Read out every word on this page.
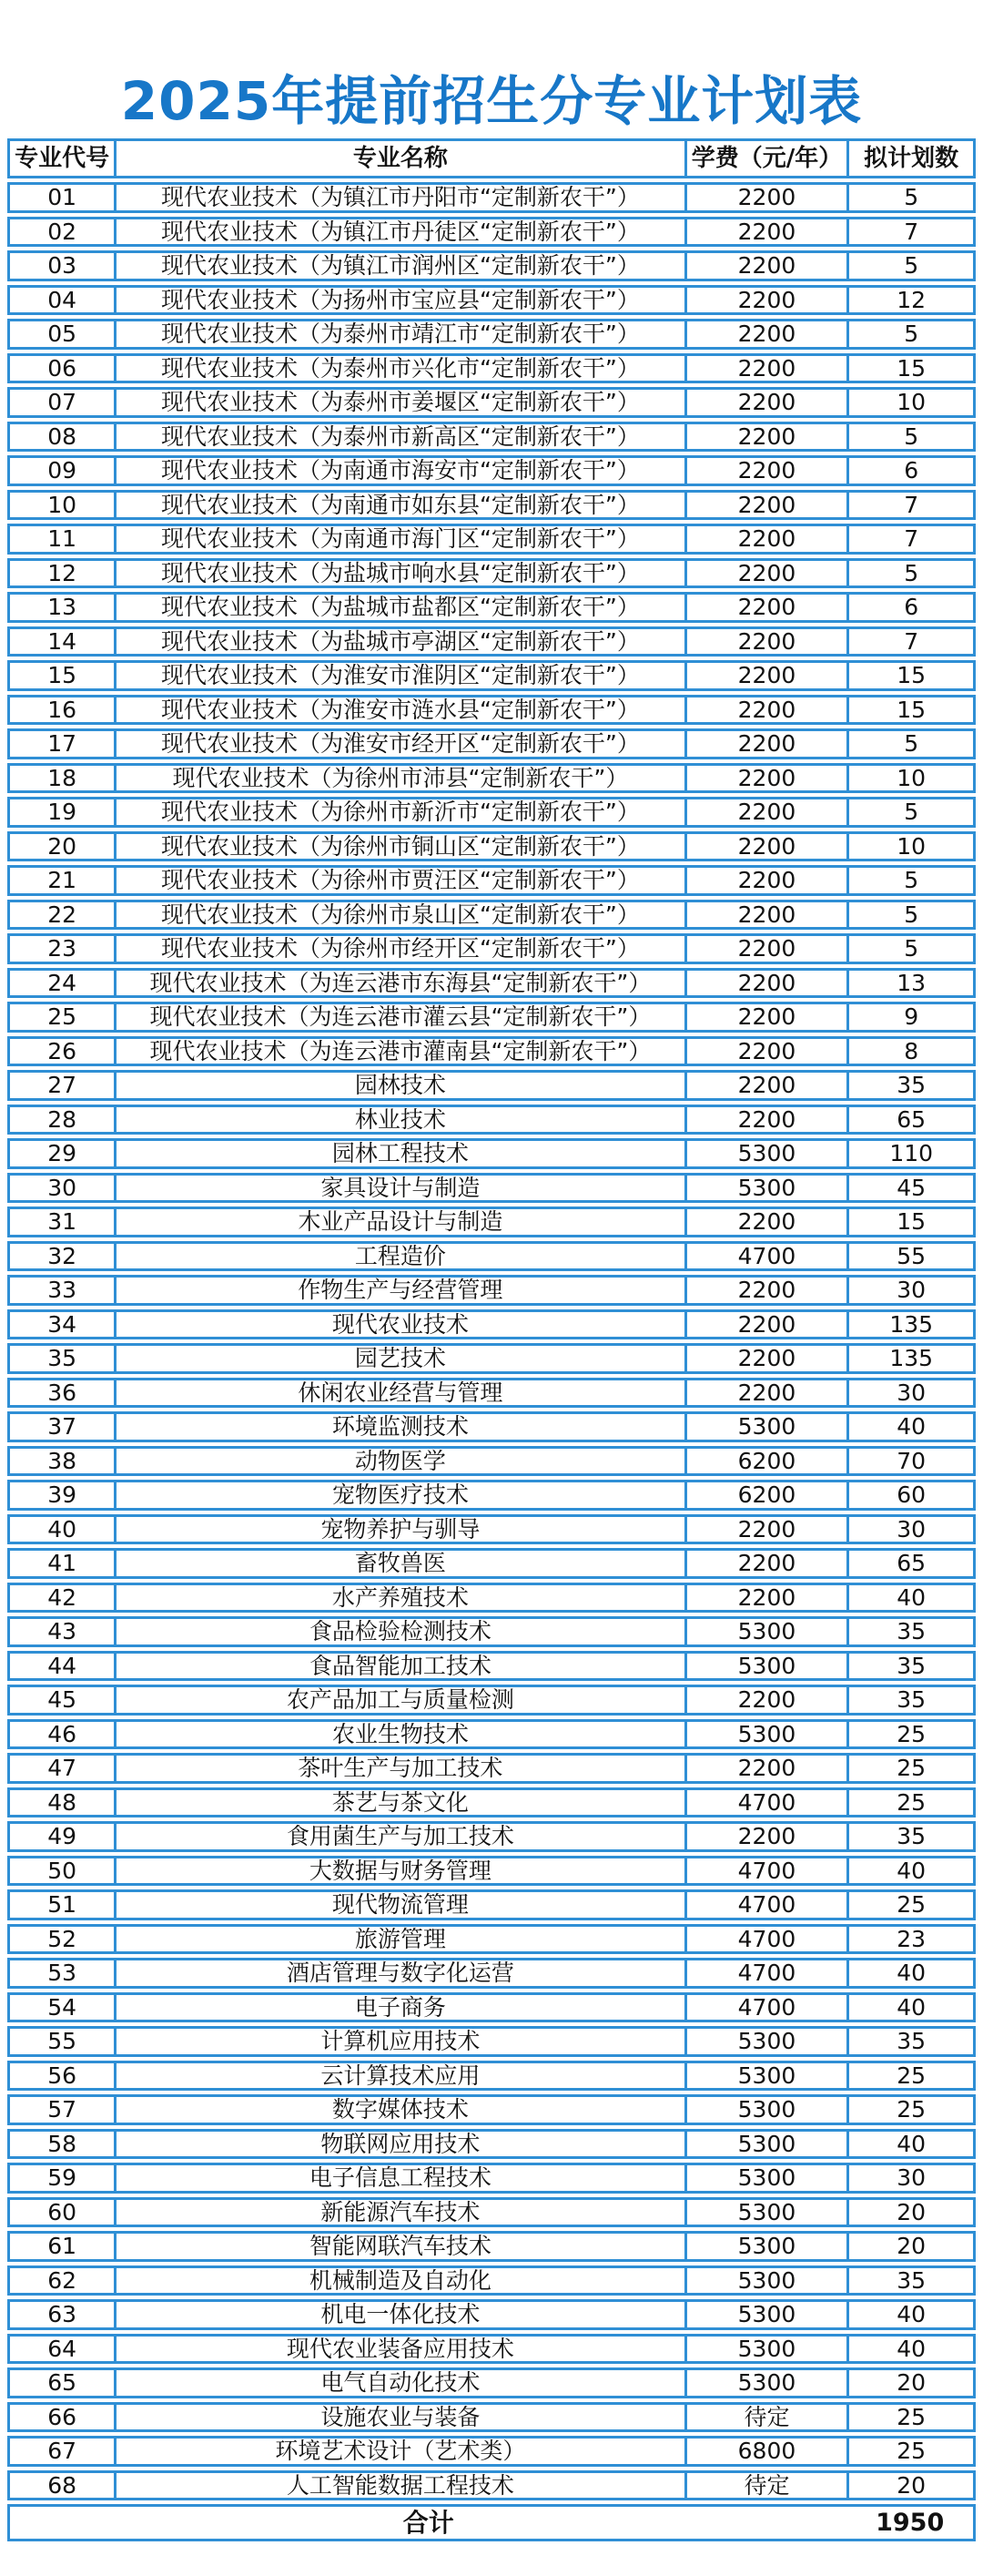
2025年提前招生分专业计划表
专业代号	专业名称	学费（元/年） 拟计划数
01	现代农业技术（为镇江市丹阳市“定制新农干”）	2200	5
02	现代农业技术（为镇江市丹徒区“定制新农干”）	2200	7
03	现代农业技术（为镇江市润州区“定制新农干”）	2200	5
04	现代农业技术（为扬州市宝应县“定制新农干”）	2200	12
05	现代农业技术（为泰州市靖江市“定制新农干”）	2200	5
06	现代农业技术（为泰州市兴化市“定制新农干”）	2200	15
07	现代农业技术（为泰州市姜堰区“定制新农干”）	2200	10
08	现代农业技术（为泰州市新高区“定制新农干”）	2200	5
09	现代农业技术（为南通市海安市“定制新农干”）	2200	6
10	现代农业技术（为南通市如东县“定制新农干”）	2200	7
11	现代农业技术（为南通市海门区“定制新农干”）	2200	7
12	现代农业技术（为盐城市响水县“定制新农干”）	2200	5
13	现代农业技术（为盐城市盐都区“定制新农干”）	2200	6
14	现代农业技术（为盐城市亭湖区“定制新农干”）	2200	7
15	现代农业技术（为淮安市淮阴区“定制新农干”）	2200	15
16	现代农业技术（为淮安市涟水县“定制新农干”）	2200	15
17	现代农业技术（为淮安市经开区“定制新农干”）	2200	5
18	现代农业技术（为徐州市沛县“定制新农干”）	2200	10
19	现代农业技术（为徐州市新沂市“定制新农干”）	2200	5
20	现代农业技术（为徐州市铜山区“定制新农干”）	2200	10
21	现代农业技术（为徐州市贾汪区“定制新农干”）	2200	5
22	现代农业技术（为徐州市泉山区“定制新农干”）	2200	5
23	现代农业技术（为徐州市经开区“定制新农干”）	2200	5
24	现代农业技术（为连云港市东海县“定制新农干”）	2200	13
25	现代农业技术（为连云港市灌云县“定制新农干”）	2200	9
26	现代农业技术（为连云港市灌南县“定制新农干”）	2200	8
27	园林技术	2200	35
28	林业技术	2200	65
29	园林工程技术	5300	110
30	家具设计与制造	5300	45
31	木业产品设计与制造	2200	15
32	工程造价	4700	55
33	作物生产与经营管理	2200	30
34	现代农业技术	2200	135
35	园艺技术	2200	135
36	休闲农业经营与管理	2200	30
37	环境监测技术	5300	40
38	动物医学	6200	70
39	宠物医疗技术	6200	60
40	宠物养护与驯导	2200	30
41	畜牧兽医	2200	65
42	水产养殖技术	2200	40
43	食品检验检测技术	5300	35
44	食品智能加工技术	5300	35
45	农产品加工与质量检测	2200	35
46	农业生物技术	5300	25
47	茶叶生产与加工技术	2200	25
48	茶艺与茶文化	4700	25
49	食用菌生产与加工技术	2200	35
50	大数据与财务管理	4700	40
51	现代物流管理	4700	25
52	旅游管理	4700	23
53	酒店管理与数字化运营	4700	40
54	电子商务	4700	40
55	计算机应用技术	5300	35
56	云计算技术应用	5300	25
57	数字媒体技术	5300	25
58	物联网应用技术	5300	40
59	电子信息工程技术	5300	30
60	新能源汽车技术	5300	20
61	智能网联汽车技术	5300	20
62	机械制造及自动化	5300	35
63	机电一体化技术	5300	40
64	现代农业装备应用技术	5300	40
65	电气自动化技术	5300	20
66	设施农业与装备	待定	25
67	环境艺术设计（艺术类）	6800	25
68	人工智能数据工程技术	待定	20
合计	1950
